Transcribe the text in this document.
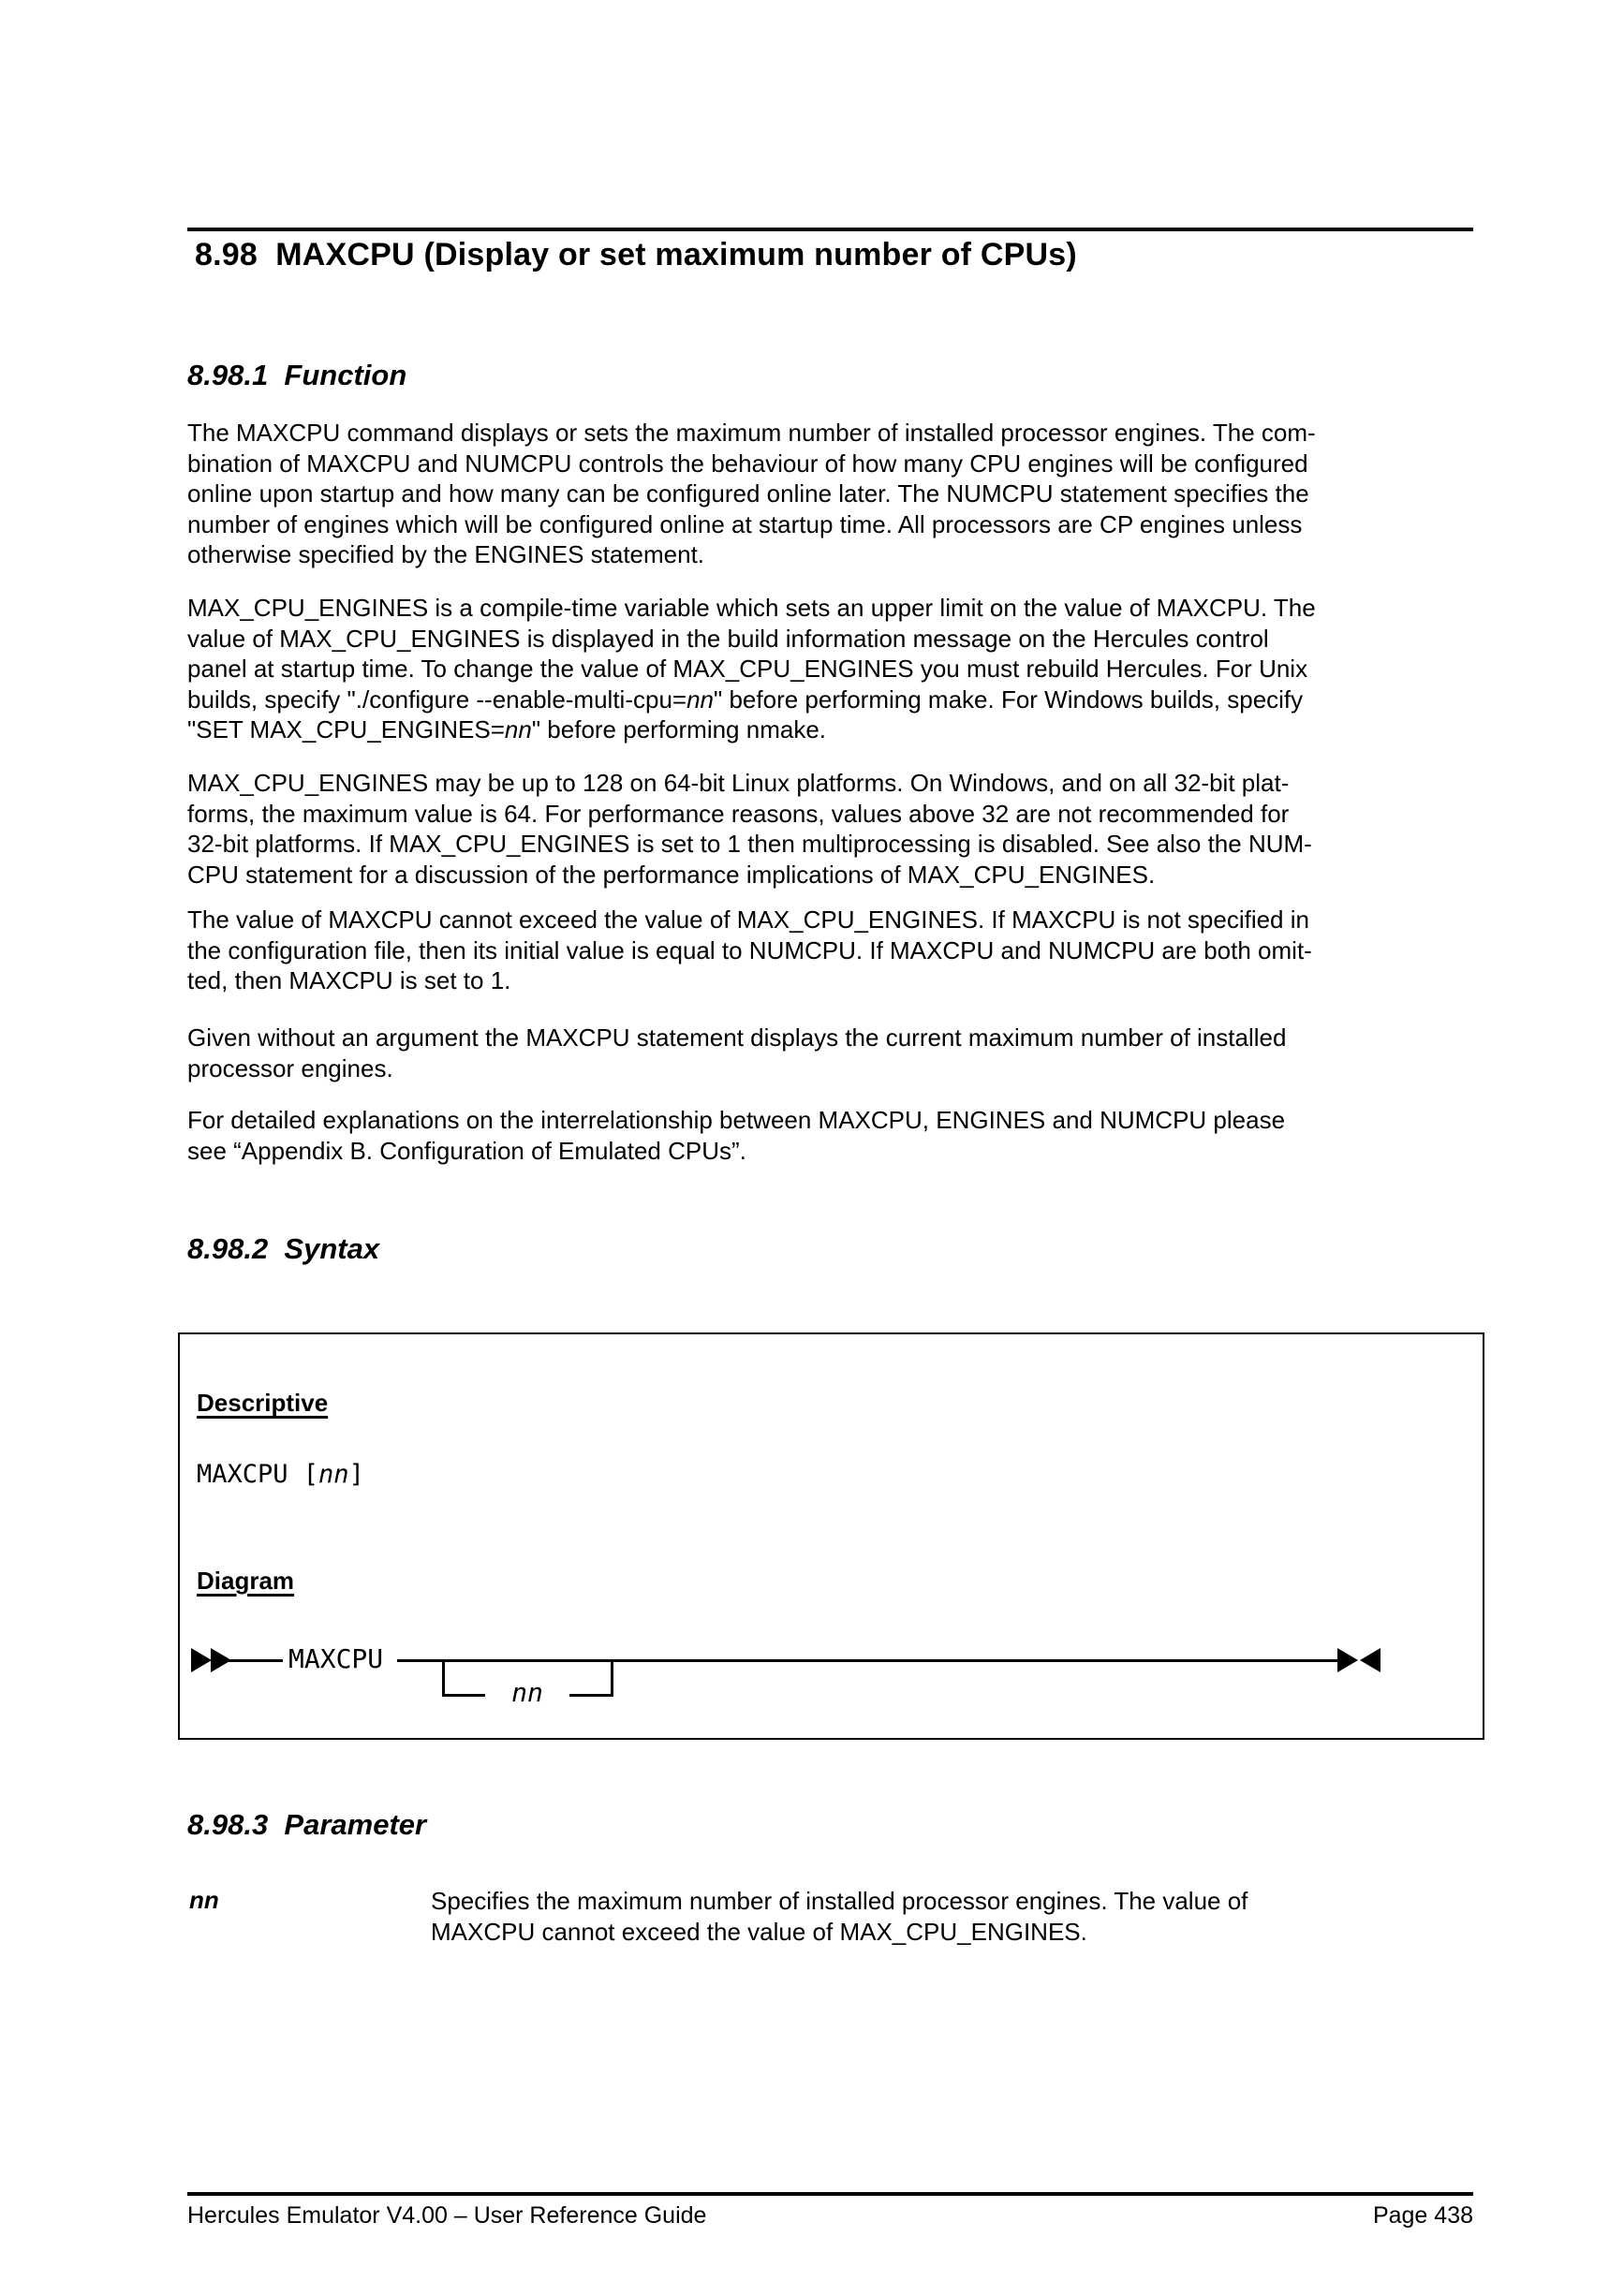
8.98  MAXCPU (Display or set maximum number of CPUs)
8.98.1  Function
The MAXCPU command displays or sets the maximum number of installed processor engines. The com-
bination of MAXCPU and NUMCPU controls the behaviour of how many CPU engines will be configured
online upon startup and how many can be configured online later. The NUMCPU statement specifies the
number of engines which will be configured online at startup time. All processors are CP engines unless
otherwise specified by the ENGINES statement.
MAX_CPU_ENGINES is a compile-time variable which sets an upper limit on the value of MAXCPU. The
value of MAX_CPU_ENGINES is displayed in the build information message on the Hercules control
panel at startup time. To change the value of MAX_CPU_ENGINES you must rebuild Hercules. For Unix
builds, specify "./configure --enable-multi-cpu=nn" before performing make. For Windows builds, specify
"SET MAX_CPU_ENGINES=nn" before performing nmake.
MAX_CPU_ENGINES may be up to 128 on 64-bit Linux platforms. On Windows, and on all 32-bit plat-
forms, the maximum value is 64. For performance reasons, values above 32 are not recommended for
32-bit platforms. If MAX_CPU_ENGINES is set to 1 then multiprocessing is disabled. See also the NUM-
CPU statement for a discussion of the performance implications of MAX_CPU_ENGINES.
The value of MAXCPU cannot exceed the value of MAX_CPU_ENGINES. If MAXCPU is not specified in
the configuration file, then its initial value is equal to NUMCPU. If MAXCPU and NUMCPU are both omit-
ted, then MAXCPU is set to 1.
Given without an argument the MAXCPU statement displays the current maximum number of installed
processor engines.
For detailed explanations on the interrelationship between MAXCPU, ENGINES and NUMCPU please
see “Appendix B. Configuration of Emulated CPUs”.
8.98.2  Syntax
Descriptive
MAXCPU [nn]
Diagram
MAXCPU
nn
8.98.3  Parameter
nn	Specifies the maximum number of installed processor engines. The value of
MAXCPU cannot exceed the value of MAX_CPU_ENGINES.
Hercules Emulator V4.00 – User Reference Guide	Page 438
